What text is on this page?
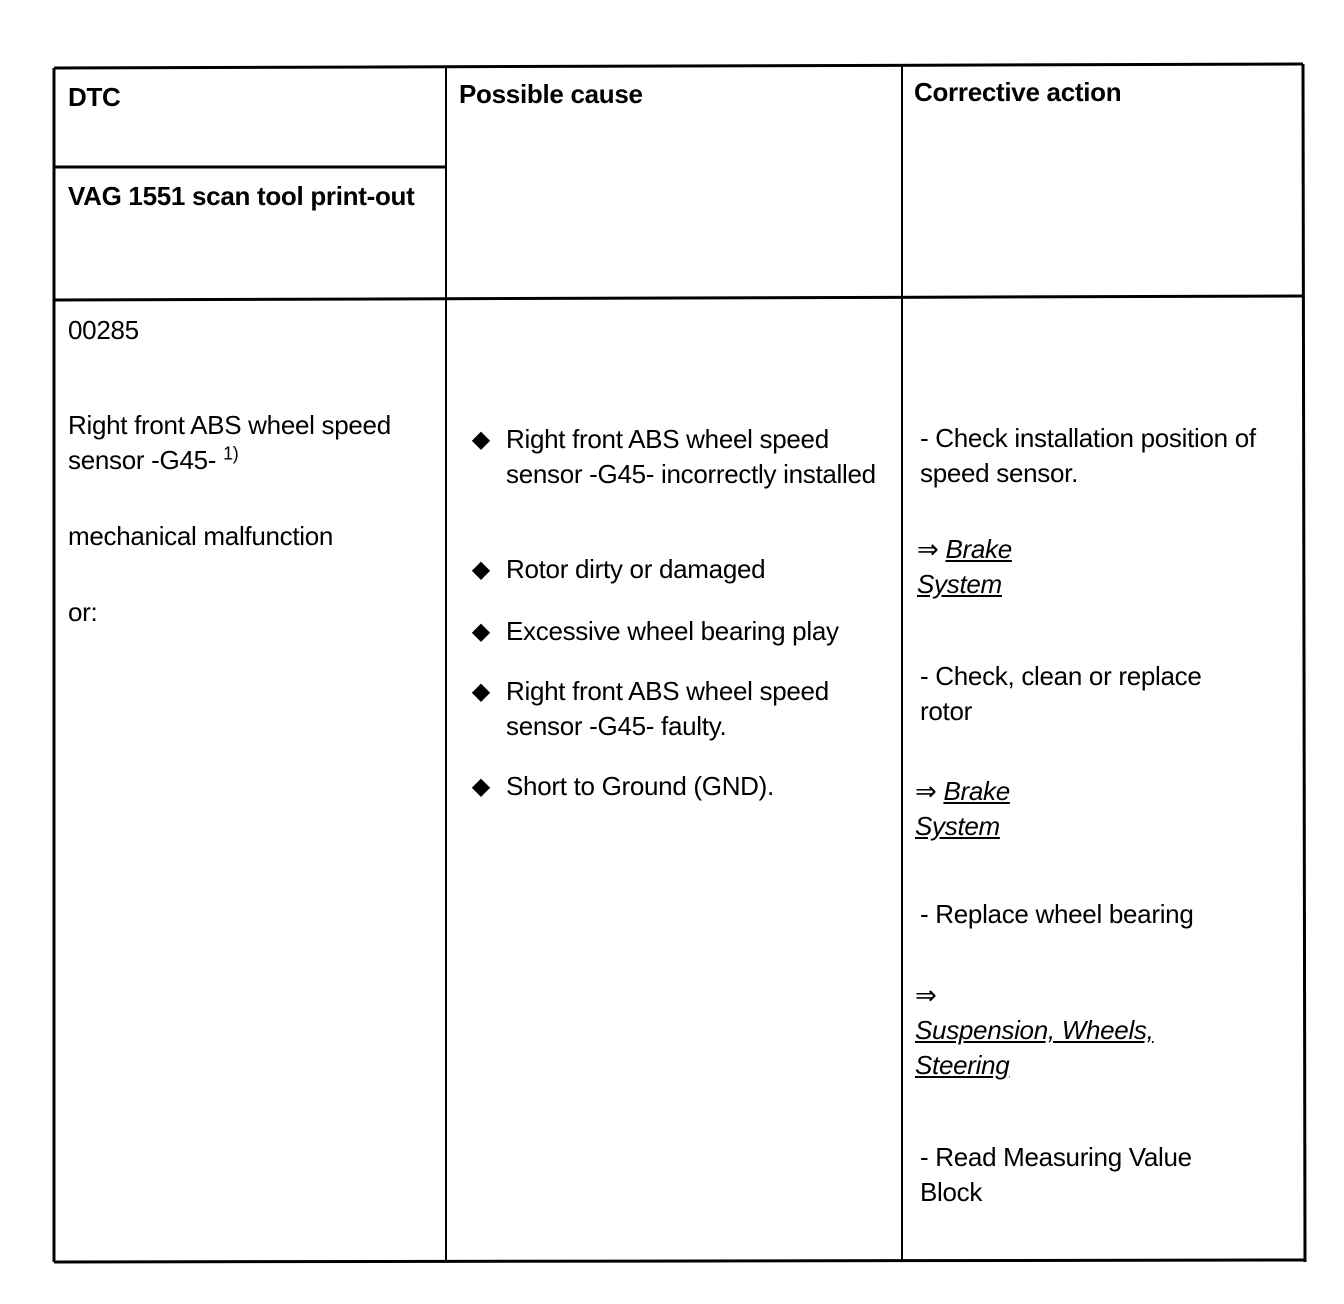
DTC
VAG 1551 scan tool print-out
Possible cause	Corrective action
00285
Right front ABS wheel speed sensor -G45- $^{1)}$
mechanical malfunction
or:
◆ Right front ABS wheel speed sensor -G45- incorrectly installed
◆ Rotor dirty or damaged
◆ Excessive wheel bearing play
◆ Right front ABS wheel speed sensor -G45- faulty.
◆ Short to Ground (GND).
- Check installation position of speed sensor.
⇒ Brake
System
- Check, clean or replace rotor
⇒ Brake
System
- Replace wheel bearing
⇒
Suspension, Wheels,
Steering
- Read Measuring Value Block
